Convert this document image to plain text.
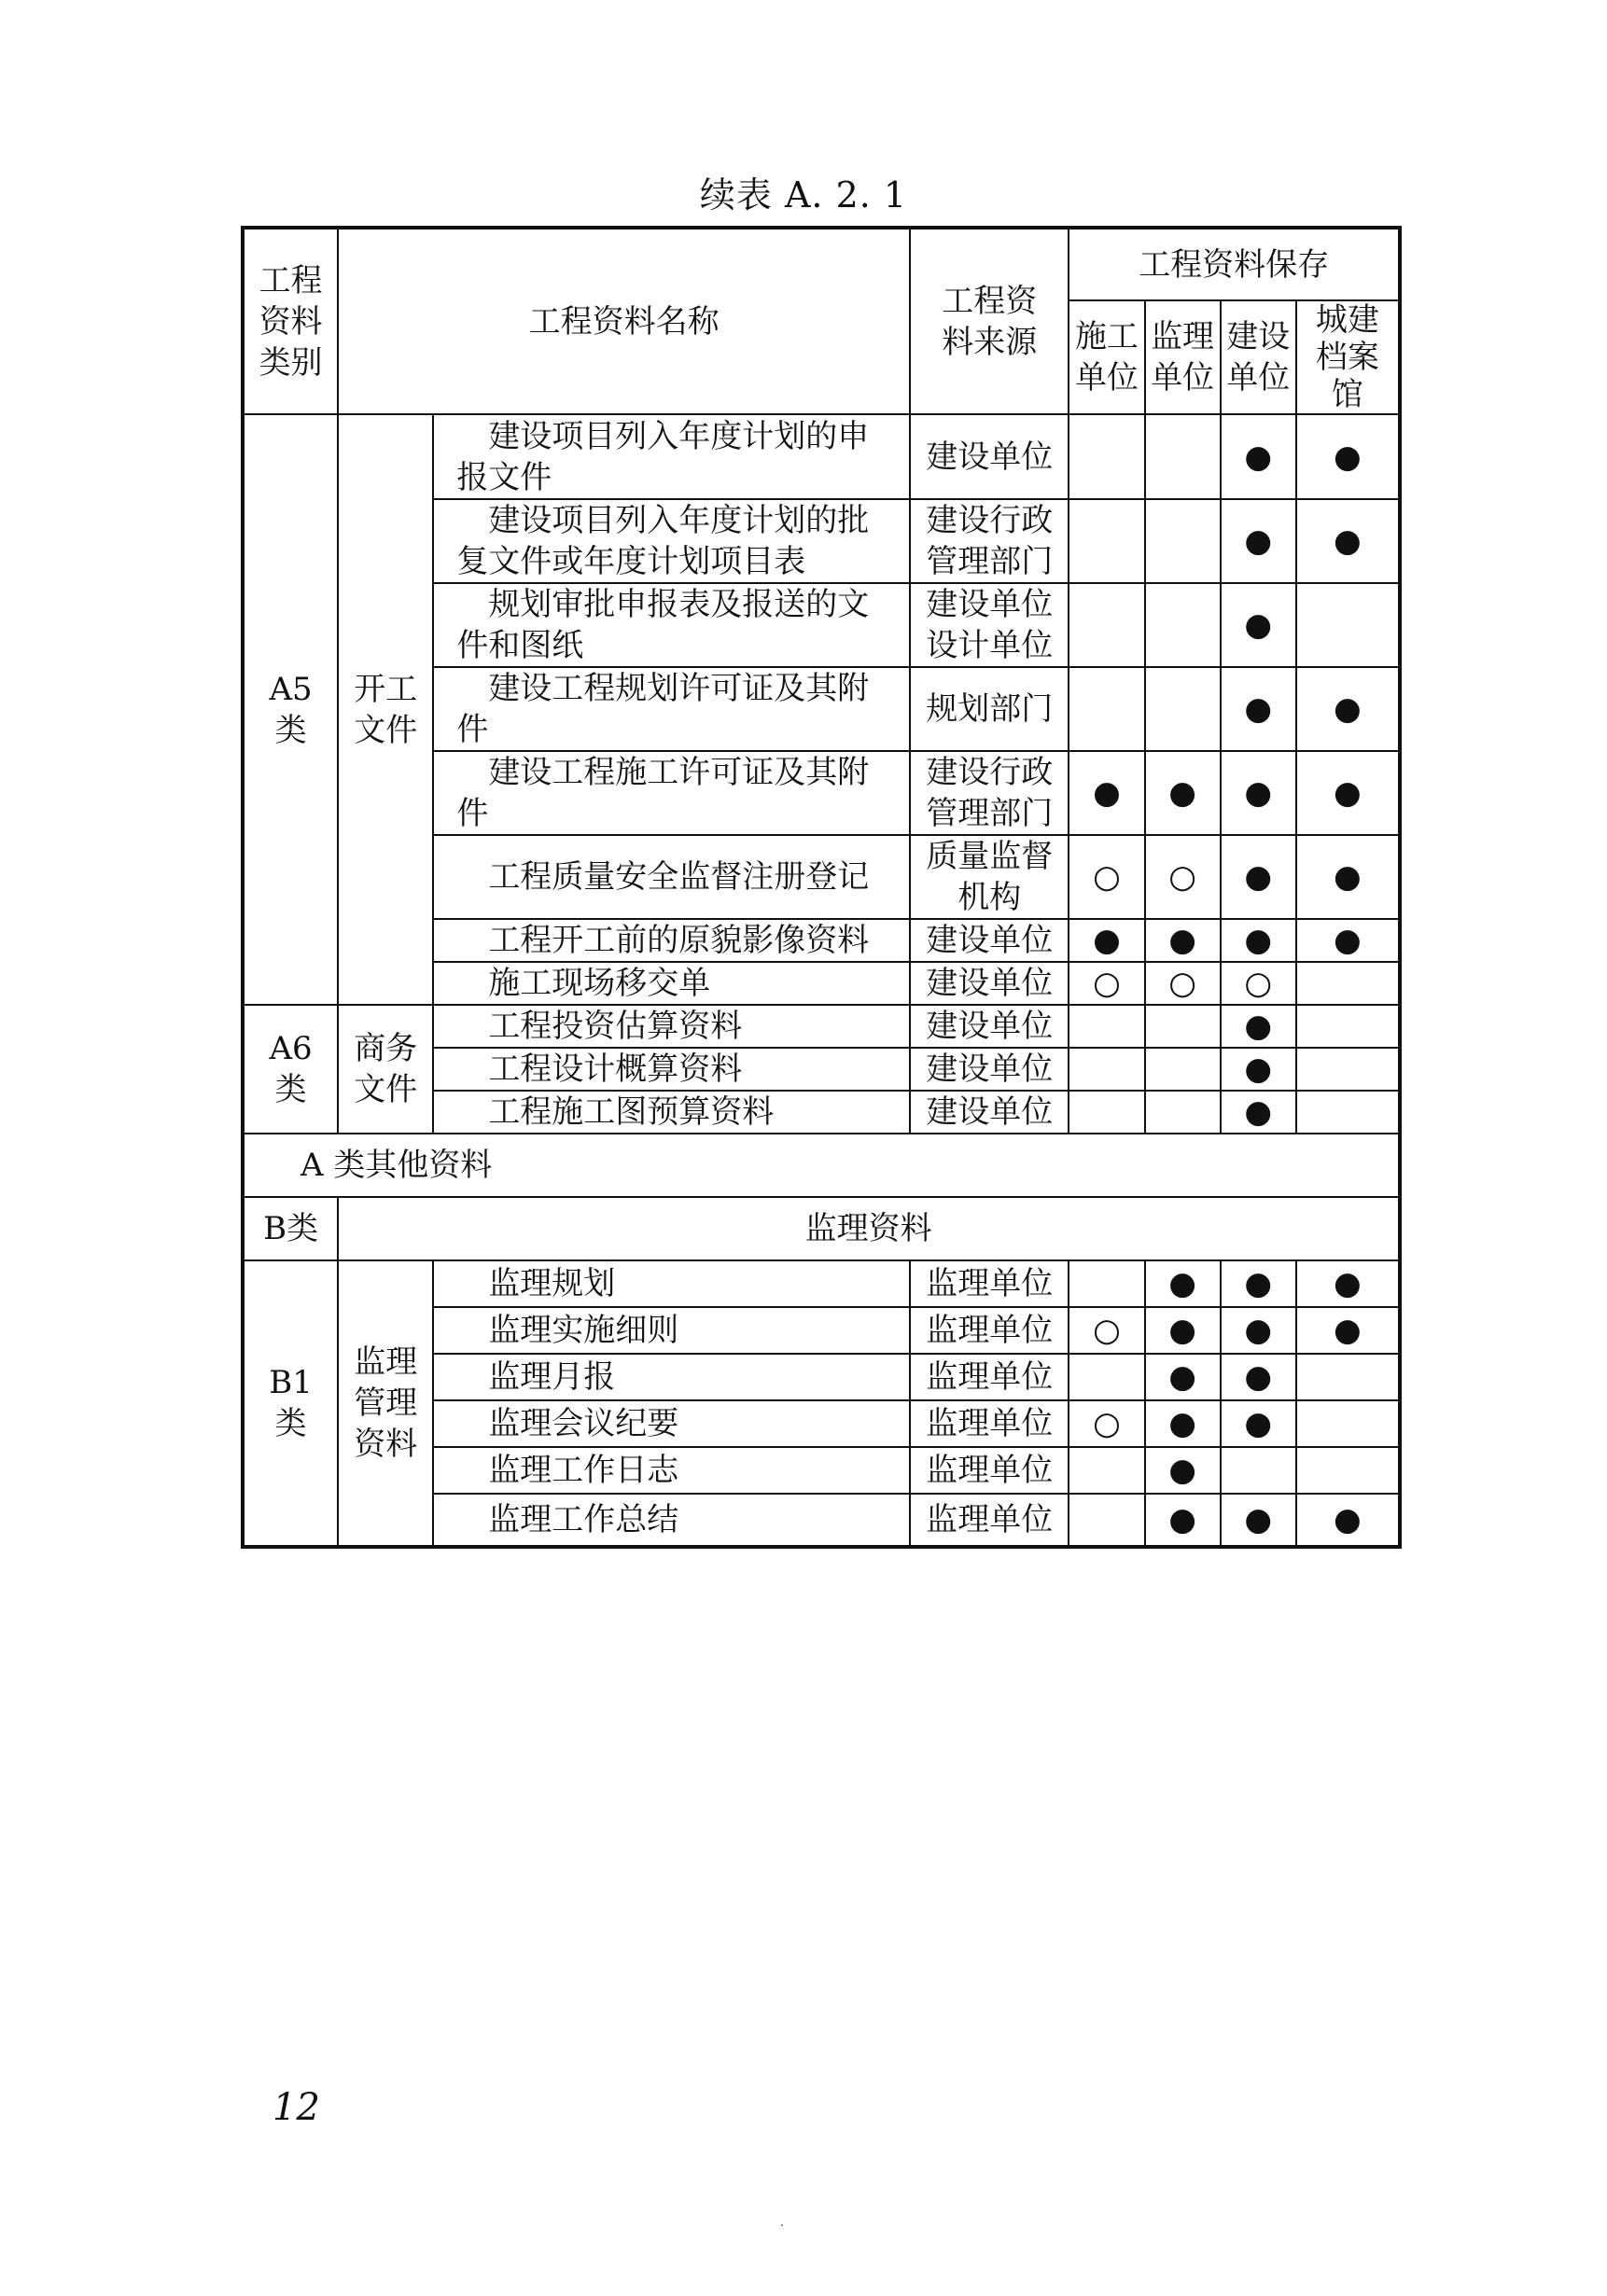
续表 A. 2. 1
工程资料类别	工程资料名称		工程资料来源	工程资料保存			

				施工单位	监理单位	建设单位	城建档案馆

A5类	开工文件	建设项目列入年度计划的申报文件	建设单位			●	●
		建设项目列入年度计划的批复文件或年度计划项目表	建设行政管理部门			●	●
		规划审批申报表及报送的文件和图纸	建设单位设计单位			●	
		建设工程规划许可证及其附件	规划部门			●	●
		建设工程施工许可证及其附件	建设行政管理部门	●	●	●	●
		工程质量安全监督注册登记	质量监督机构	○	○	●	●
		工程开工前的原貌影像资料	建设单位	●	●	●	●
		施工现场移交单	建设单位	○	○	○	

A6类	商务文件	工程投资估算资料	建设单位			●	
		工程设计概算资料	建设单位			●	
		工程施工图预算资料	建设单位			●	
A 类其他资料							
B类	监理资料						

B1类	监理管理资料	监理规划	监理单位		●	●	●
		监理实施细则	监理单位	○	●	●	●
		监理月报	监理单位		●	●	
		监理会议纪要	监理单位	○	●	●	
		监理工作日志	监理单位		●		
		监理工作总结	监理单位		●	●	●
12
.
